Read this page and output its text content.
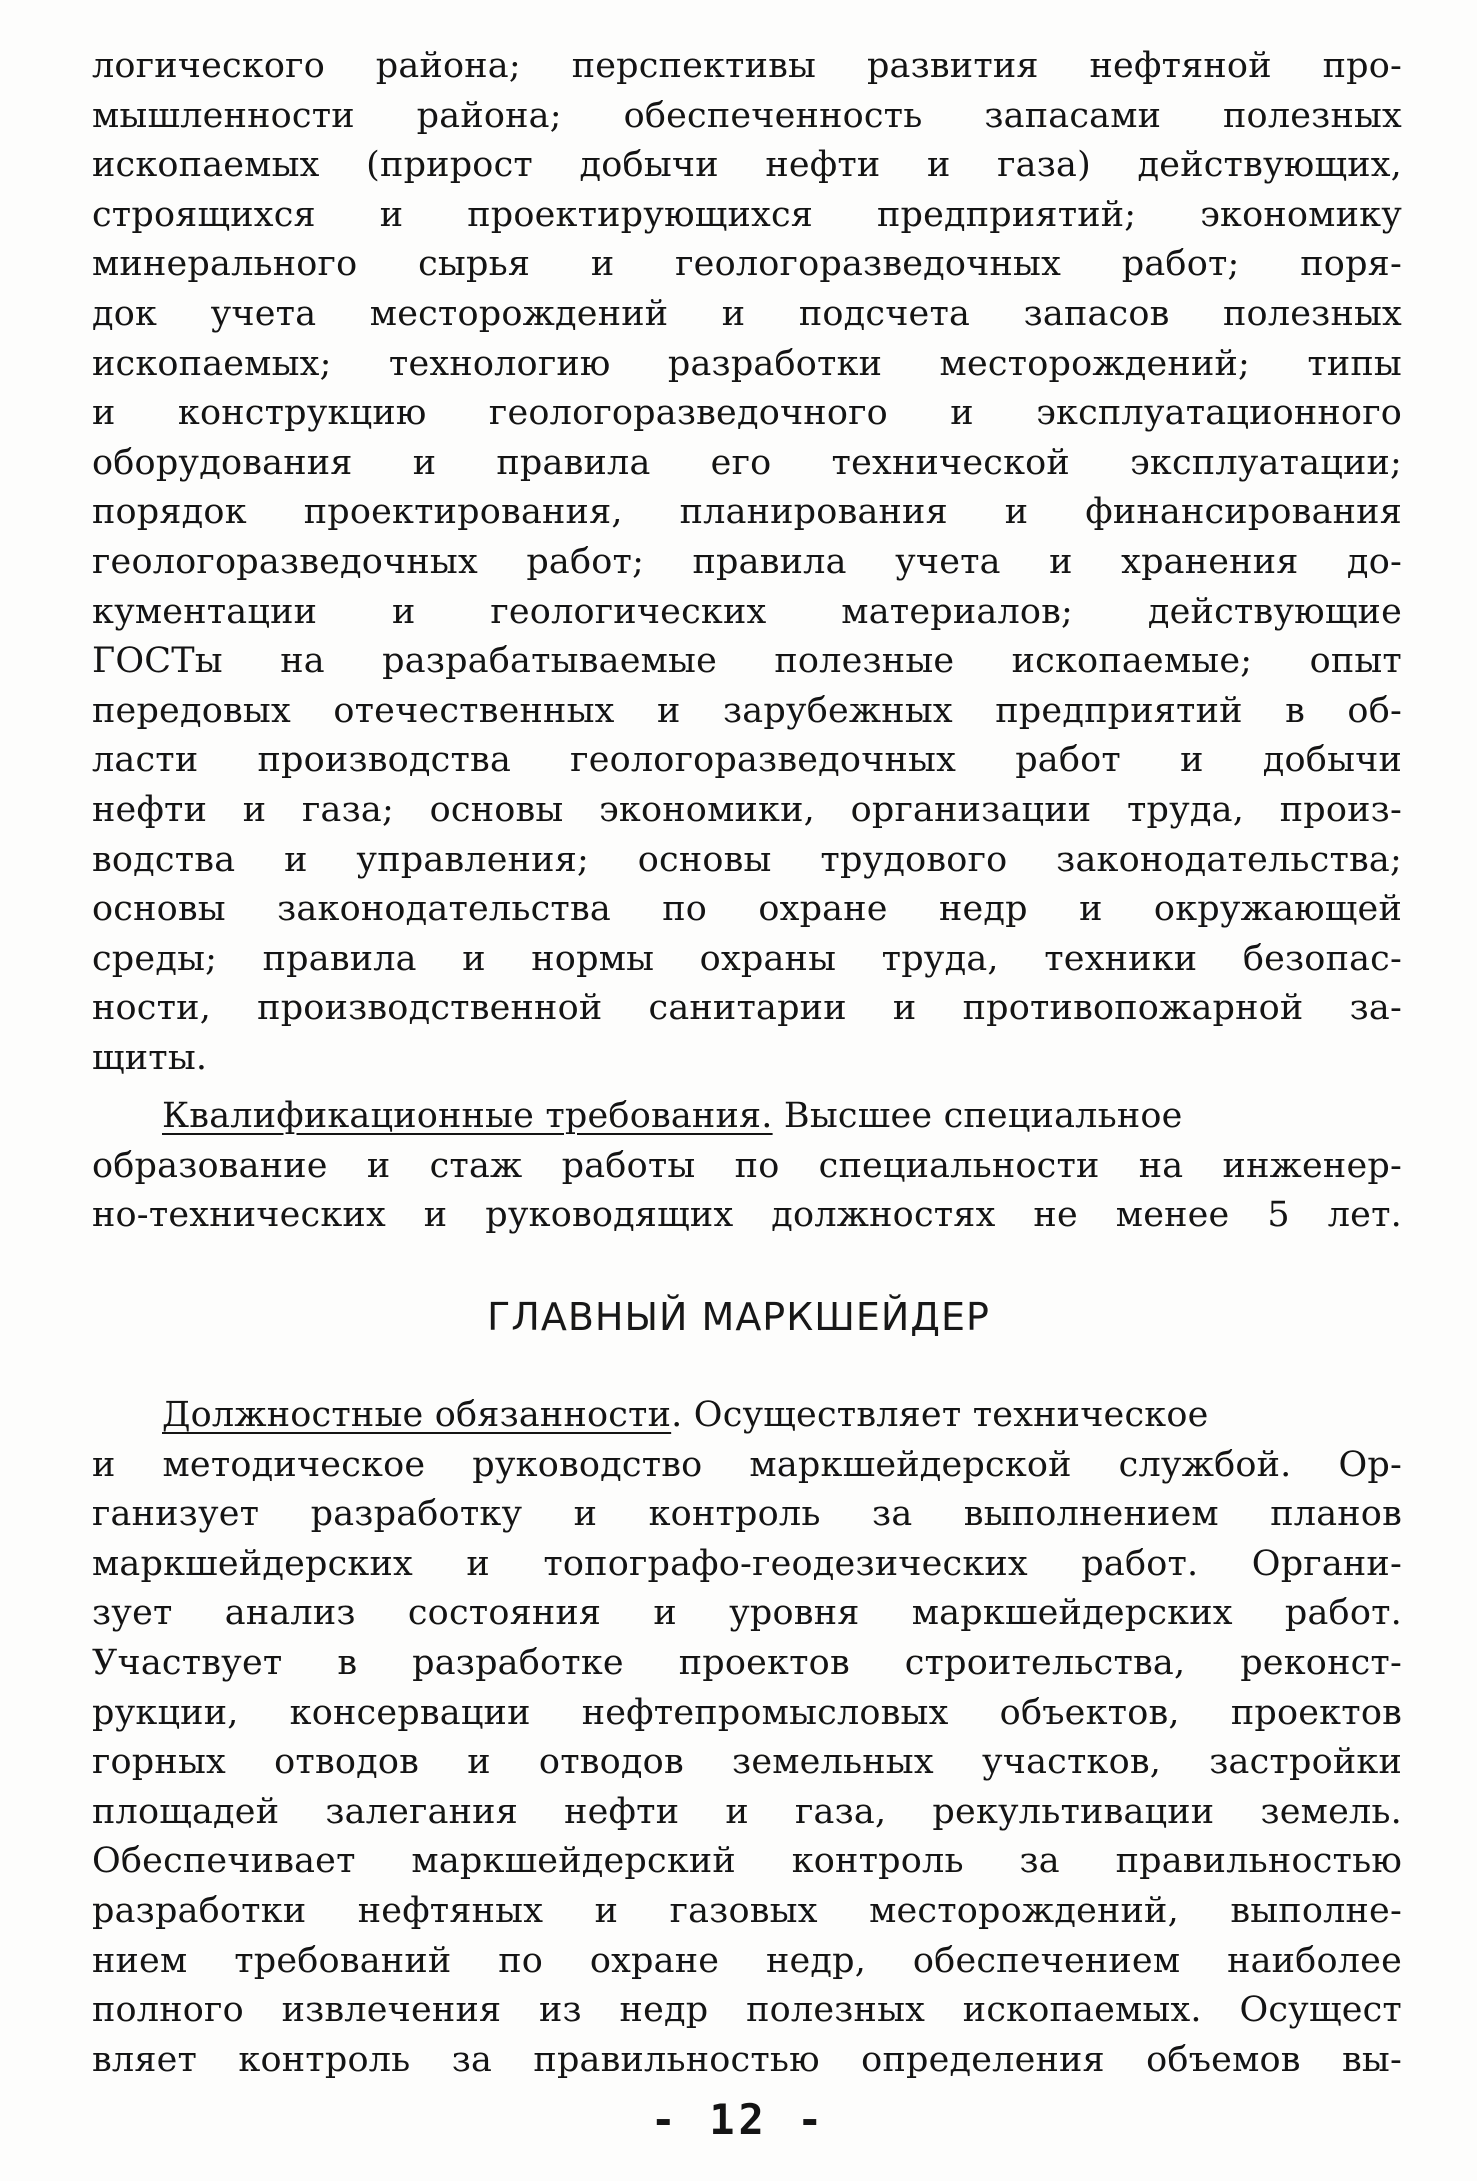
логического района; перспективы развития нефтяной про-
мышленности района; обеспеченность запасами полезных
ископаемых (прирост добычи нефти и газа) действующих,
строящихся и проектирующихся предприятий; экономику
минерального сырья и геологоразведочных работ; поря-
док учета месторождений и подсчета запасов полезных
ископаемых; технологию разработки месторождений; типы
и конструкцию геологоразведочного и эксплуатационного
оборудования и правила его технической эксплуатации;
порядок проектирования, планирования и финансирования
геологоразведочных работ; правила учета и хранения до-
кументации и геологических материалов; действующие
ГОСТы на разрабатываемые полезные ископаемые; опыт
передовых отечественных и зарубежных предприятий в об-
ласти производства геологоразведочных работ и добычи
нефти и газа; основы экономики, организации труда, произ-
водства и управления; основы трудового законодательства;
основы законодательства по охране недр и окружающей
среды; правила и нормы охраны труда, техники безопас-
ности, производственной санитарии и противопожарной за-
щиты.
Квалификационные требования. Высшее специальное
образование и стаж работы по специальности на инженер-
но-технических и руководящих должностях не менее 5 лет.
ГЛАВНЫЙ МАРКШЕЙДЕР
Должностные обязанности. Осуществляет техническое
и методическое руководство маркшейдерской службой. Ор-
ганизует разработку и контроль за выполнением планов
маркшейдерских и топографо-геодезических работ. Органи-
зует анализ состояния и уровня маркшейдерских работ.
Участвует в разработке проектов строительства, реконст-
рукции, консервации нефтепромысловых объектов, проектов
горных отводов и отводов земельных участков, застройки
площадей залегания нефти и газа, рекультивации земель.
Обеспечивает маркшейдерский контроль за правильностью
разработки нефтяных и газовых месторождений, выполне-
нием требований по охране недр, обеспечением наиболее
полного извлечения из недр полезных ископаемых. Осущест
вляет контроль за правильностью определения объемов вы-
- 12 -
